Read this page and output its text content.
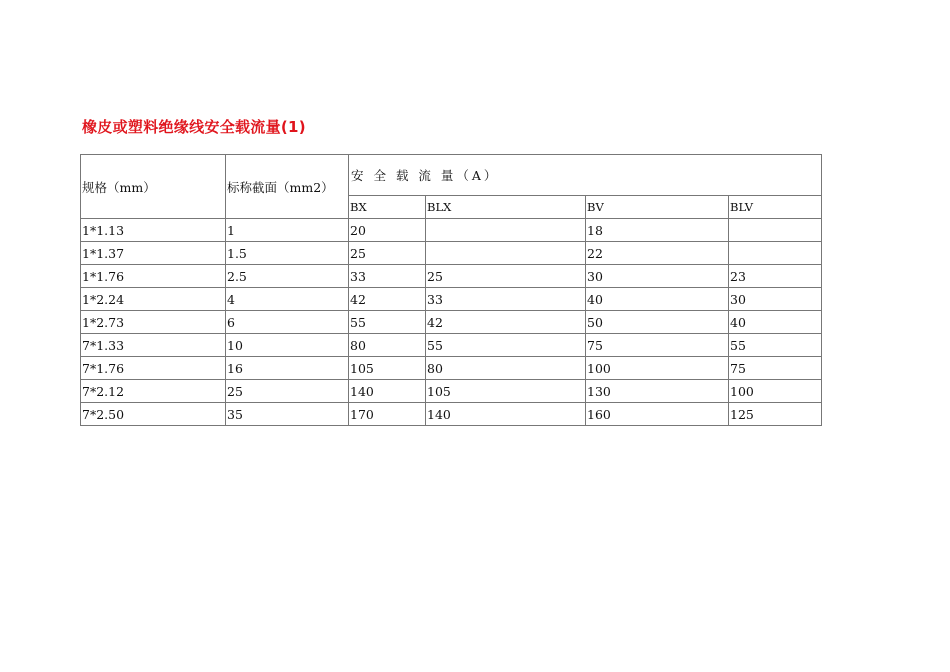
橡皮或塑料绝缘线安全载流量(1)
规格（mm）	标称截面（mm2）	安 全 载 流 量（A）			
		BX	BLX	BV	BLV
1*1.13	1	20		18	
1*1.37	1.5	25		22	
1*1.76	2.5	33	25	30	23
1*2.24	4	42	33	40	30
1*2.73	6	55	42	50	40
7*1.33	10	80	55	75	55
7*1.76	16	105	80	100	75
7*2.12	25	140	105	130	100
7*2.50	35	170	140	160	125
